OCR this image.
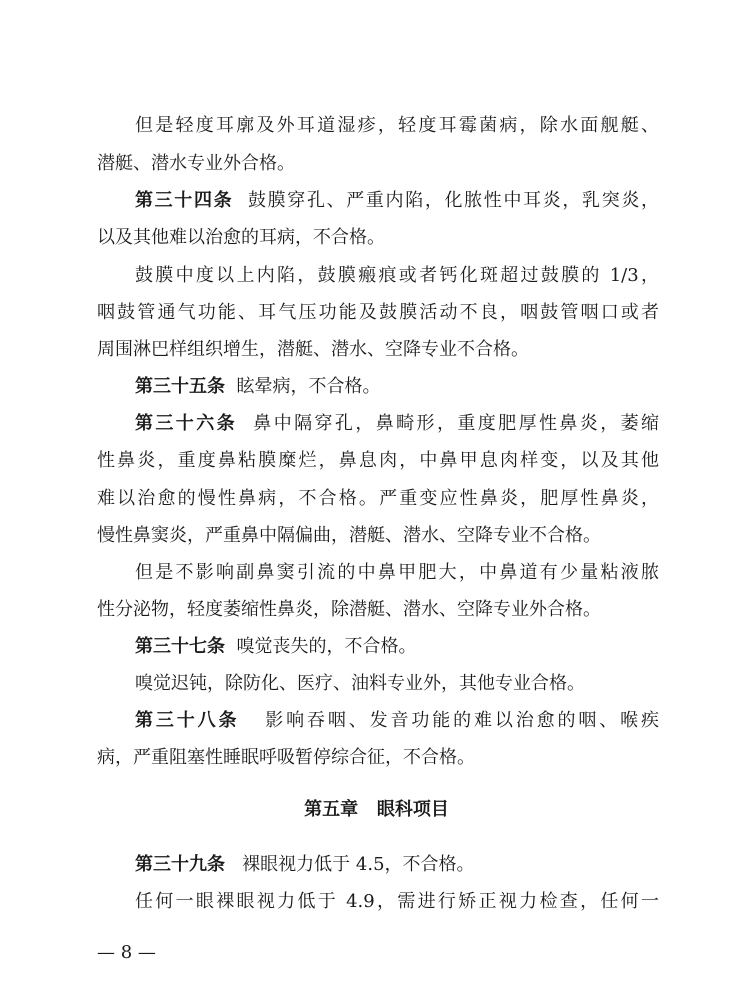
但是轻度耳廓及外耳道湿疹，轻度耳霉菌病，除水面舰艇、
潜艇、潜水专业外合格。
第三十四条 鼓膜穿孔、严重内陷，化脓性中耳炎，乳突炎，
以及其他难以治愈的耳病，不合格。
鼓膜中度以上内陷，鼓膜瘢痕或者钙化斑超过鼓膜的 1/3，
咽鼓管通气功能、耳气压功能及鼓膜活动不良，咽鼓管咽口或者
周围淋巴样组织增生，潜艇、潜水、空降专业不合格。
第三十五条 眩晕病，不合格。
第三十六条 鼻中隔穿孔，鼻畸形，重度肥厚性鼻炎，萎缩
性鼻炎，重度鼻粘膜糜烂，鼻息肉，中鼻甲息肉样变，以及其他
难以治愈的慢性鼻病，不合格。严重变应性鼻炎，肥厚性鼻炎，
慢性鼻窦炎，严重鼻中隔偏曲，潜艇、潜水、空降专业不合格。
但是不影响副鼻窦引流的中鼻甲肥大，中鼻道有少量粘液脓
性分泌物，轻度萎缩性鼻炎，除潜艇、潜水、空降专业外合格。
第三十七条 嗅觉丧失的，不合格。
嗅觉迟钝，除防化、医疗、油料专业外，其他专业合格。
第三十八条 影响吞咽、发音功能的难以治愈的咽、喉疾
病，严重阻塞性睡眠呼吸暂停综合征，不合格。
第五章 眼科项目
第三十九条 裸眼视力低于 4.5，不合格。
任何一眼裸眼视力低于 4.9，需进行矫正视力检查，任何一
— 8 —
